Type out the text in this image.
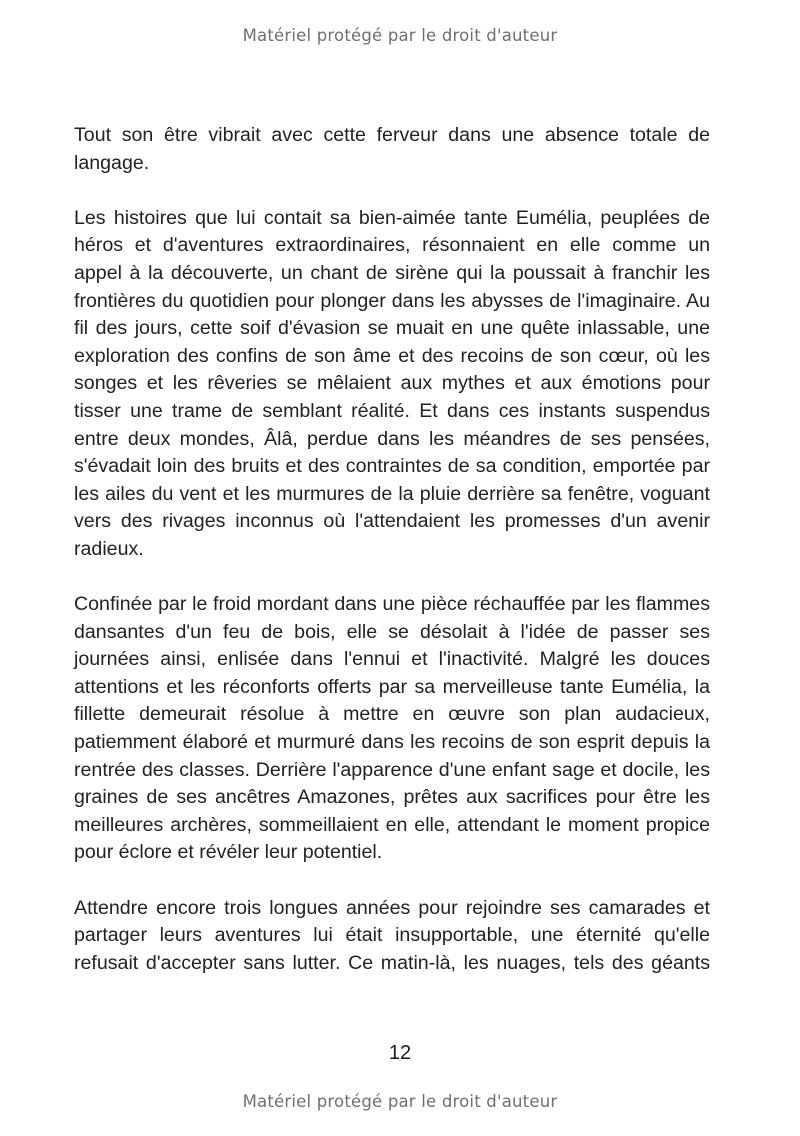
Matériel protégé par le droit d'auteur

Tout son être vibrait avec cette ferveur dans une absence totale de langage.

Les histoires que lui contait sa bien-aimée tante Eumélia, peuplées de héros et d'aventures extraordinaires, résonnaient en elle comme un appel à la découverte, un chant de sirène qui la poussait à franchir les frontières du quotidien pour plonger dans les abysses de l'imaginaire. Au fil des jours, cette soif d'évasion se muait en une quête inlassable, une exploration des confins de son âme et des recoins de son cœur, où les songes et les rêveries se mêlaient aux mythes et aux émotions pour tisser une trame de semblant réalité. Et dans ces instants suspendus entre deux mondes, Âlâ, perdue dans les méandres de ses pensées, s'évadait loin des bruits et des contraintes de sa condition, emportée par les ailes du vent et les murmures de la pluie derrière sa fenêtre, voguant vers des rivages inconnus où l'attendaient les promesses d'un avenir radieux.

Confinée par le froid mordant dans une pièce réchauffée par les flammes dansantes d'un feu de bois, elle se désolait à l'idée de passer ses journées ainsi, enlisée dans l'ennui et l'inactivité. Malgré les douces attentions et les réconforts offerts par sa merveilleuse tante Eumélia, la fillette demeurait résolue à mettre en œuvre son plan audacieux, patiemment élaboré et murmuré dans les recoins de son esprit depuis la rentrée des classes. Derrière l'apparence d'une enfant sage et docile, les graines de ses ancêtres Amazones, prêtes aux sacrifices pour être les meilleures archères, sommeillaient en elle, attendant le moment propice pour éclore et révéler leur potentiel.

Attendre encore trois longues années pour rejoindre ses camarades et partager leurs aventures lui était insupportable, une éternité qu'elle refusait d'accepter sans lutter. Ce matin-là, les nuages, tels des géants

12
Matériel protégé par le droit d'auteur
